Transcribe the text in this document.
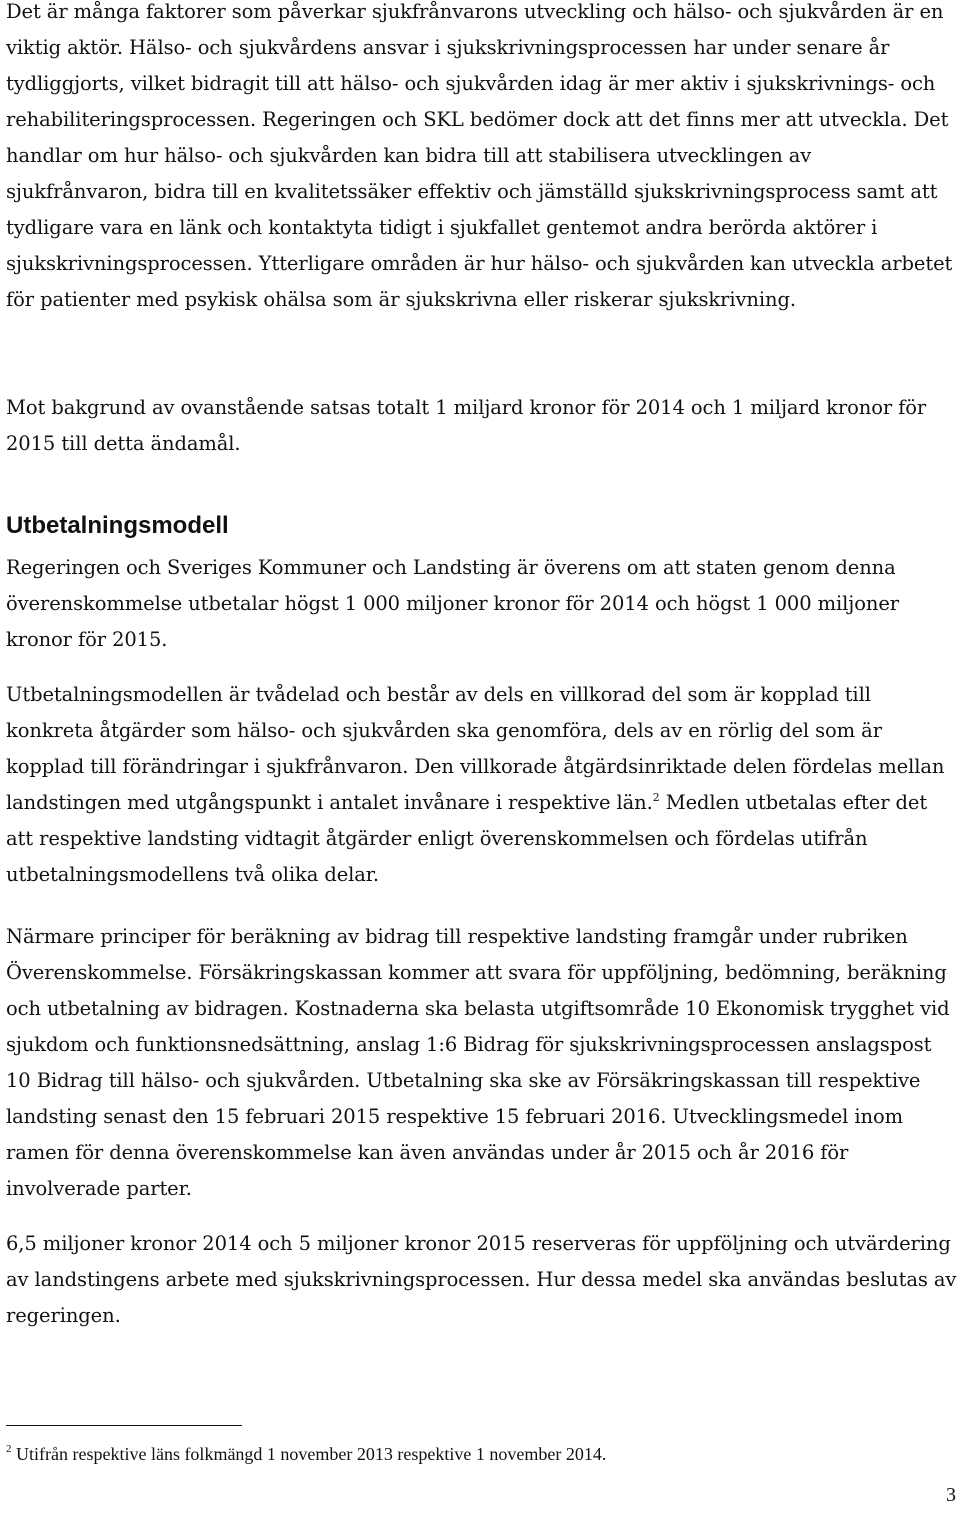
Det är många faktorer som påverkar sjukfrånvarons utveckling och hälso- och sjukvården är en viktig aktör. Hälso- och sjukvårdens ansvar i sjukskrivningsprocessen har under senare år tydliggjorts, vilket bidragit till att hälso- och sjukvården idag är mer aktiv i sjukskrivnings- och rehabiliteringsprocessen. Regeringen och SKL bedömer dock att det finns mer att utveckla. Det handlar om hur hälso- och sjukvården kan bidra till att stabilisera utvecklingen av sjukfrånvaron, bidra till en kvalitetssäker effektiv och jämställd sjukskrivningsprocess samt att tydligare vara en länk och kontaktyta tidigt i sjukfallet gentemot andra berörda aktörer i sjukskrivningsprocessen. Ytterligare områden är hur hälso- och sjukvården kan utveckla arbetet för patienter med psykisk ohälsa som är sjukskrivna eller riskerar sjukskrivning.

Mot bakgrund av ovanstående satsas totalt 1 miljard kronor för 2014 och 1 miljard kronor för 2015 till detta ändamål.

Utbetalningsmodell

Regeringen och Sveriges Kommuner och Landsting är överens om att staten genom denna överenskommelse utbetalar högst 1 000 miljoner kronor för 2014 och högst 1 000 miljoner kronor för 2015.

Utbetalningsmodellen är tvådelad och består av dels en villkorad del som är kopplad till konkreta åtgärder som hälso- och sjukvården ska genomföra, dels av en rörlig del som är kopplad till förändringar i sjukfrånvaron. Den villkorade åtgärdsinriktade delen fördelas mellan landstingen med utgångspunkt i antalet invånare i respektive län.$^2$ Medlen utbetalas efter det att respektive landsting vidtagit åtgärder enligt överenskommelsen och fördelas utifrån utbetalningsmodellens två olika delar.

Närmare principer för beräkning av bidrag till respektive landsting framgår under rubriken Överenskommelse. Försäkringskassan kommer att svara för uppföljning, bedömning, beräkning och utbetalning av bidragen. Kostnaderna ska belasta utgiftsområde 10 Ekonomisk trygghet vid sjukdom och funktionsnedsättning, anslag 1:6 Bidrag för sjukskrivningsprocessen anslagspost 10 Bidrag till hälso- och sjukvården. Utbetalning ska ske av Försäkringskassan till respektive landsting senast den 15 februari 2015 respektive 15 februari 2016. Utvecklingsmedel inom ramen för denna överenskommelse kan även användas under år 2015 och år 2016 för involverade parter.

6,5 miljoner kronor 2014 och 5 miljoner kronor 2015 reserveras för uppföljning och utvärdering av landstingens arbete med sjukskrivningsprocessen. Hur dessa medel ska användas beslutas av regeringen.

$^2$ Utifrån respektive läns folkmängd 1 november 2013 respektive 1 november 2014.

3
